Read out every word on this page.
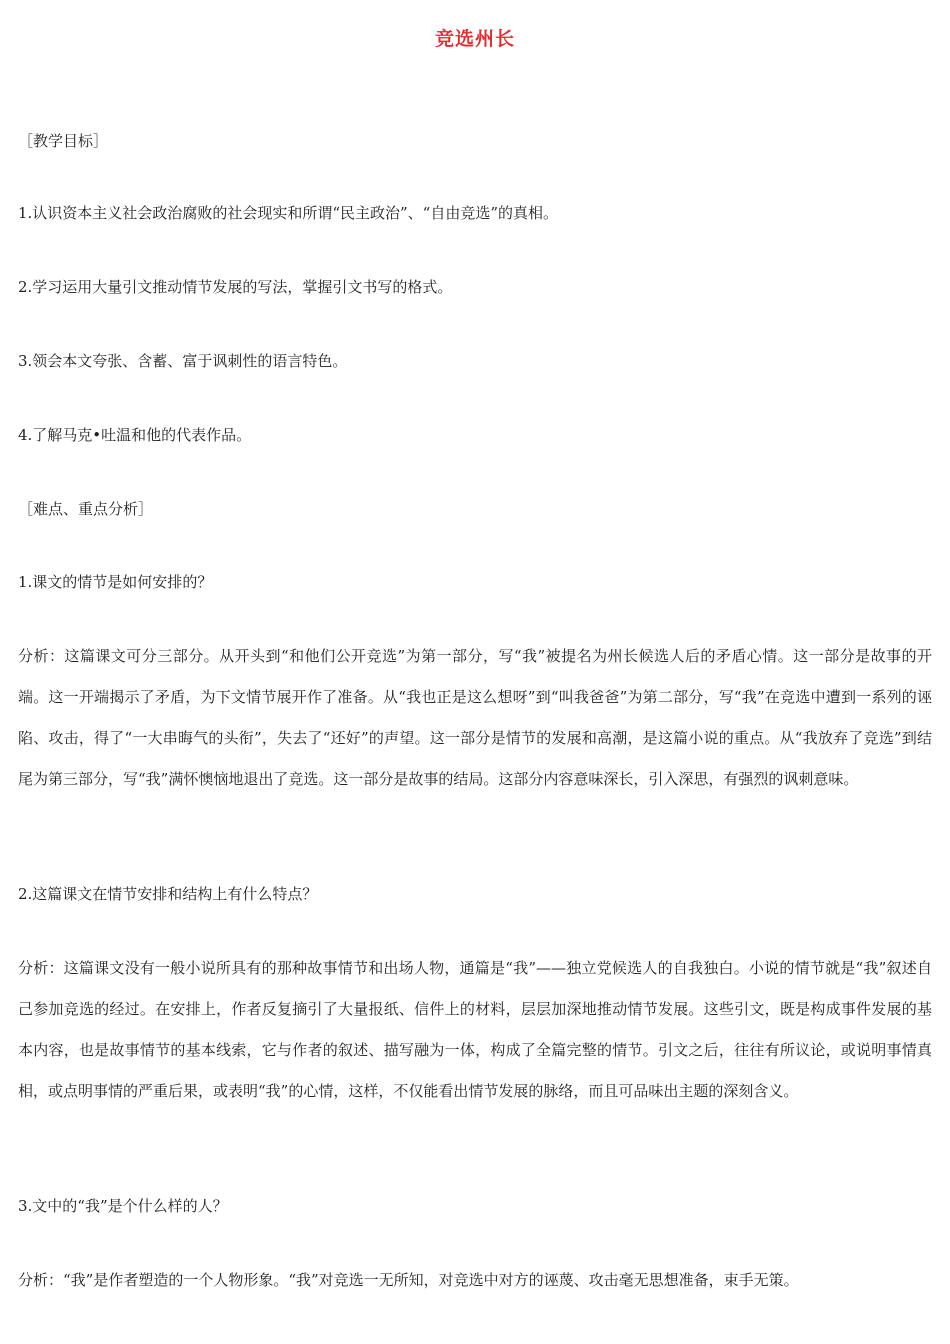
竞选州长
［教学目标］
1.认识资本主义社会政治腐败的社会现实和所谓“民主政治”、“自由竞选”的真相。
2.学习运用大量引文推动情节发展的写法，掌握引文书写的格式。
3.领会本文夸张、含蓄、富于讽刺性的语言特色。
4.了解马克•吐温和他的代表作品。
［难点、重点分析］
1.课文的情节是如何安排的？
分析：这篇课文可分三部分。从开头到“和他们公开竞选”为第一部分，写“我”被提名为州长候选人后的矛盾心情。这一部分是故事的开端。这一开端揭示了矛盾，为下文情节展开作了准备。从“我也正是这么想呀”到“叫我爸爸”为第二部分，写“我”在竞选中遭到一系列的诬陷、攻击，得了“一大串晦气的头衔”，失去了“还好”的声望。这一部分是情节的发展和高潮，是这篇小说的重点。从“我放弃了竞选”到结尾为第三部分，写“我”满怀懊恼地退出了竞选。这一部分是故事的结局。这部分内容意味深长，引入深思，有强烈的讽刺意味。
2.这篇课文在情节安排和结构上有什么特点？
分析：这篇课文没有一般小说所具有的那种故事情节和出场人物，通篇是“我”——独立党候选人的自我独白。小说的情节就是“我”叙述自己参加竞选的经过。在安排上，作者反复摘引了大量报纸、信件上的材料，层层加深地推动情节发展。这些引文，既是构成事件发展的基本内容，也是故事情节的基本线索，它与作者的叙述、描写融为一体，构成了全篇完整的情节。引文之后，往往有所议论，或说明事情真相，或点明事情的严重后果，或表明“我”的心情，这样，不仅能看出情节发展的脉络，而且可品味出主题的深刻含义。
3.文中的“我”是个什么样的人？
分析：“我”是作者塑造的一个人物形象。“我”对竞选一无所知，对竞选中对方的诬蔑、攻击毫无思想准备，束手无策。
